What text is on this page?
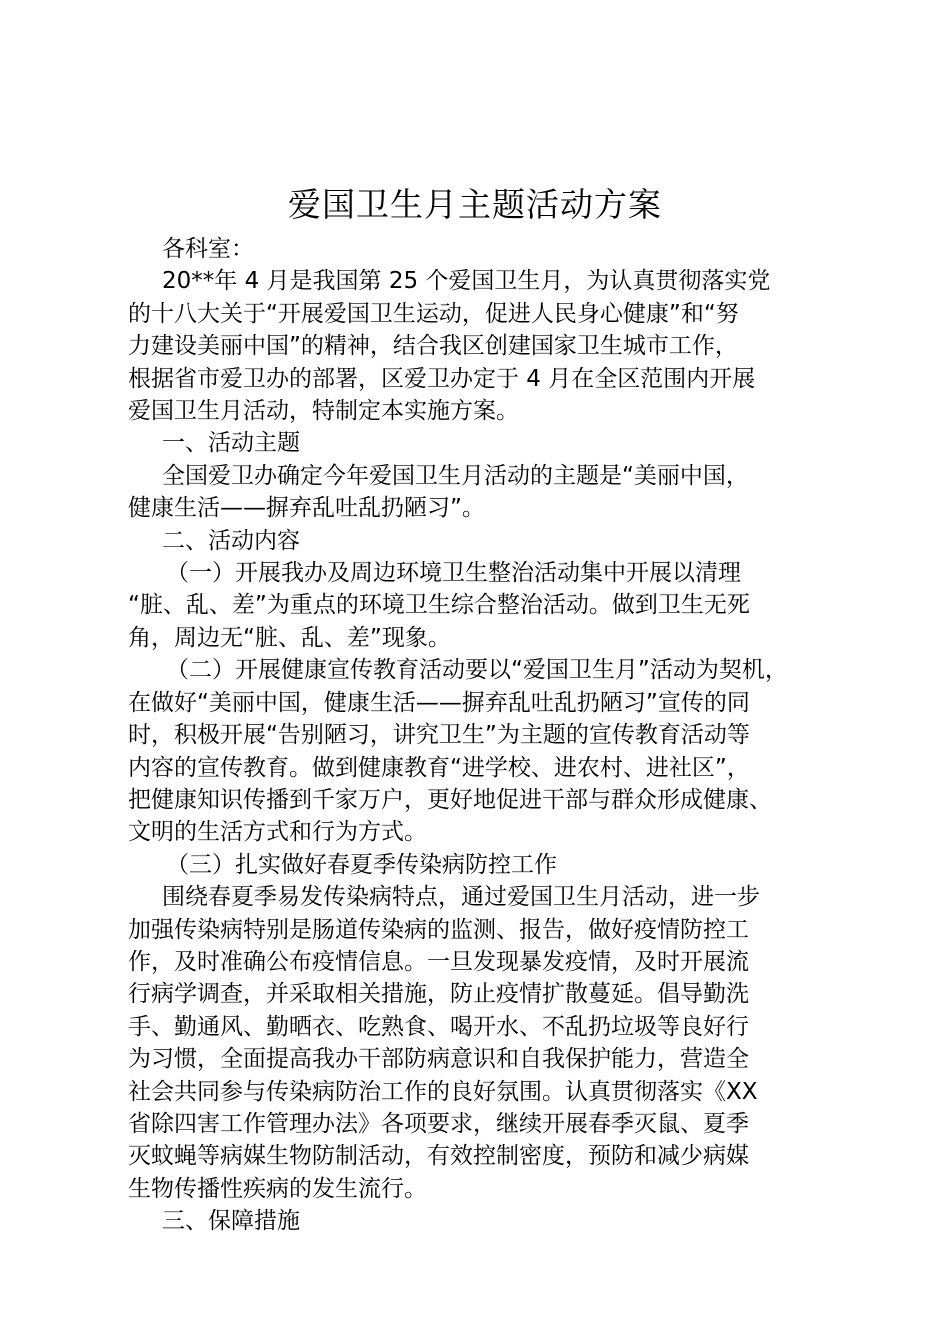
爱国卫生月主题活动方案

各科室：

20**年 4 月是我国第 25 个爱国卫生月，为认真贯彻落实党
的十八大关于“开展爱国卫生运动，促进人民身心健康”和“努
力建设美丽中国”的精神，结合我区创建国家卫生城市工作，
根据省市爱卫办的部署，区爱卫办定于 4 月在全区范围内开展
爱国卫生月活动，特制定本实施方案。

一、活动主题

全国爱卫办确定今年爱国卫生月活动的主题是“美丽中国，
健康生活——摒弃乱吐乱扔陋习”。

二、活动内容

（一）开展我办及周边环境卫生整治活动集中开展以清理
“脏、乱、差”为重点的环境卫生综合整治活动。做到卫生无死
角，周边无“脏、乱、差”现象。

（二）开展健康宣传教育活动要以“爱国卫生月”活动为契机，
在做好“美丽中国，健康生活——摒弃乱吐乱扔陋习”宣传的同
时，积极开展“告别陋习，讲究卫生”为主题的宣传教育活动等
内容的宣传教育。做到健康教育“进学校、进农村、进社区”，
把健康知识传播到千家万户，更好地促进干部与群众形成健康、
文明的生活方式和行为方式。

（三）扎实做好春夏季传染病防控工作

围绕春夏季易发传染病特点，通过爱国卫生月活动，进一步
加强传染病特别是肠道传染病的监测、报告，做好疫情防控工
作，及时准确公布疫情信息。一旦发现暴发疫情，及时开展流
行病学调查，并采取相关措施，防止疫情扩散蔓延。倡导勤洗
手、勤通风、勤晒衣、吃熟食、喝开水、不乱扔垃圾等良好行
为习惯，全面提高我办干部防病意识和自我保护能力，营造全
社会共同参与传染病防治工作的良好氛围。认真贯彻落实《XX
省除四害工作管理办法》各项要求，继续开展春季灭鼠、夏季
灭蚊蝇等病媒生物防制活动，有效控制密度，预防和减少病媒
生物传播性疾病的发生流行。

三、保障措施
